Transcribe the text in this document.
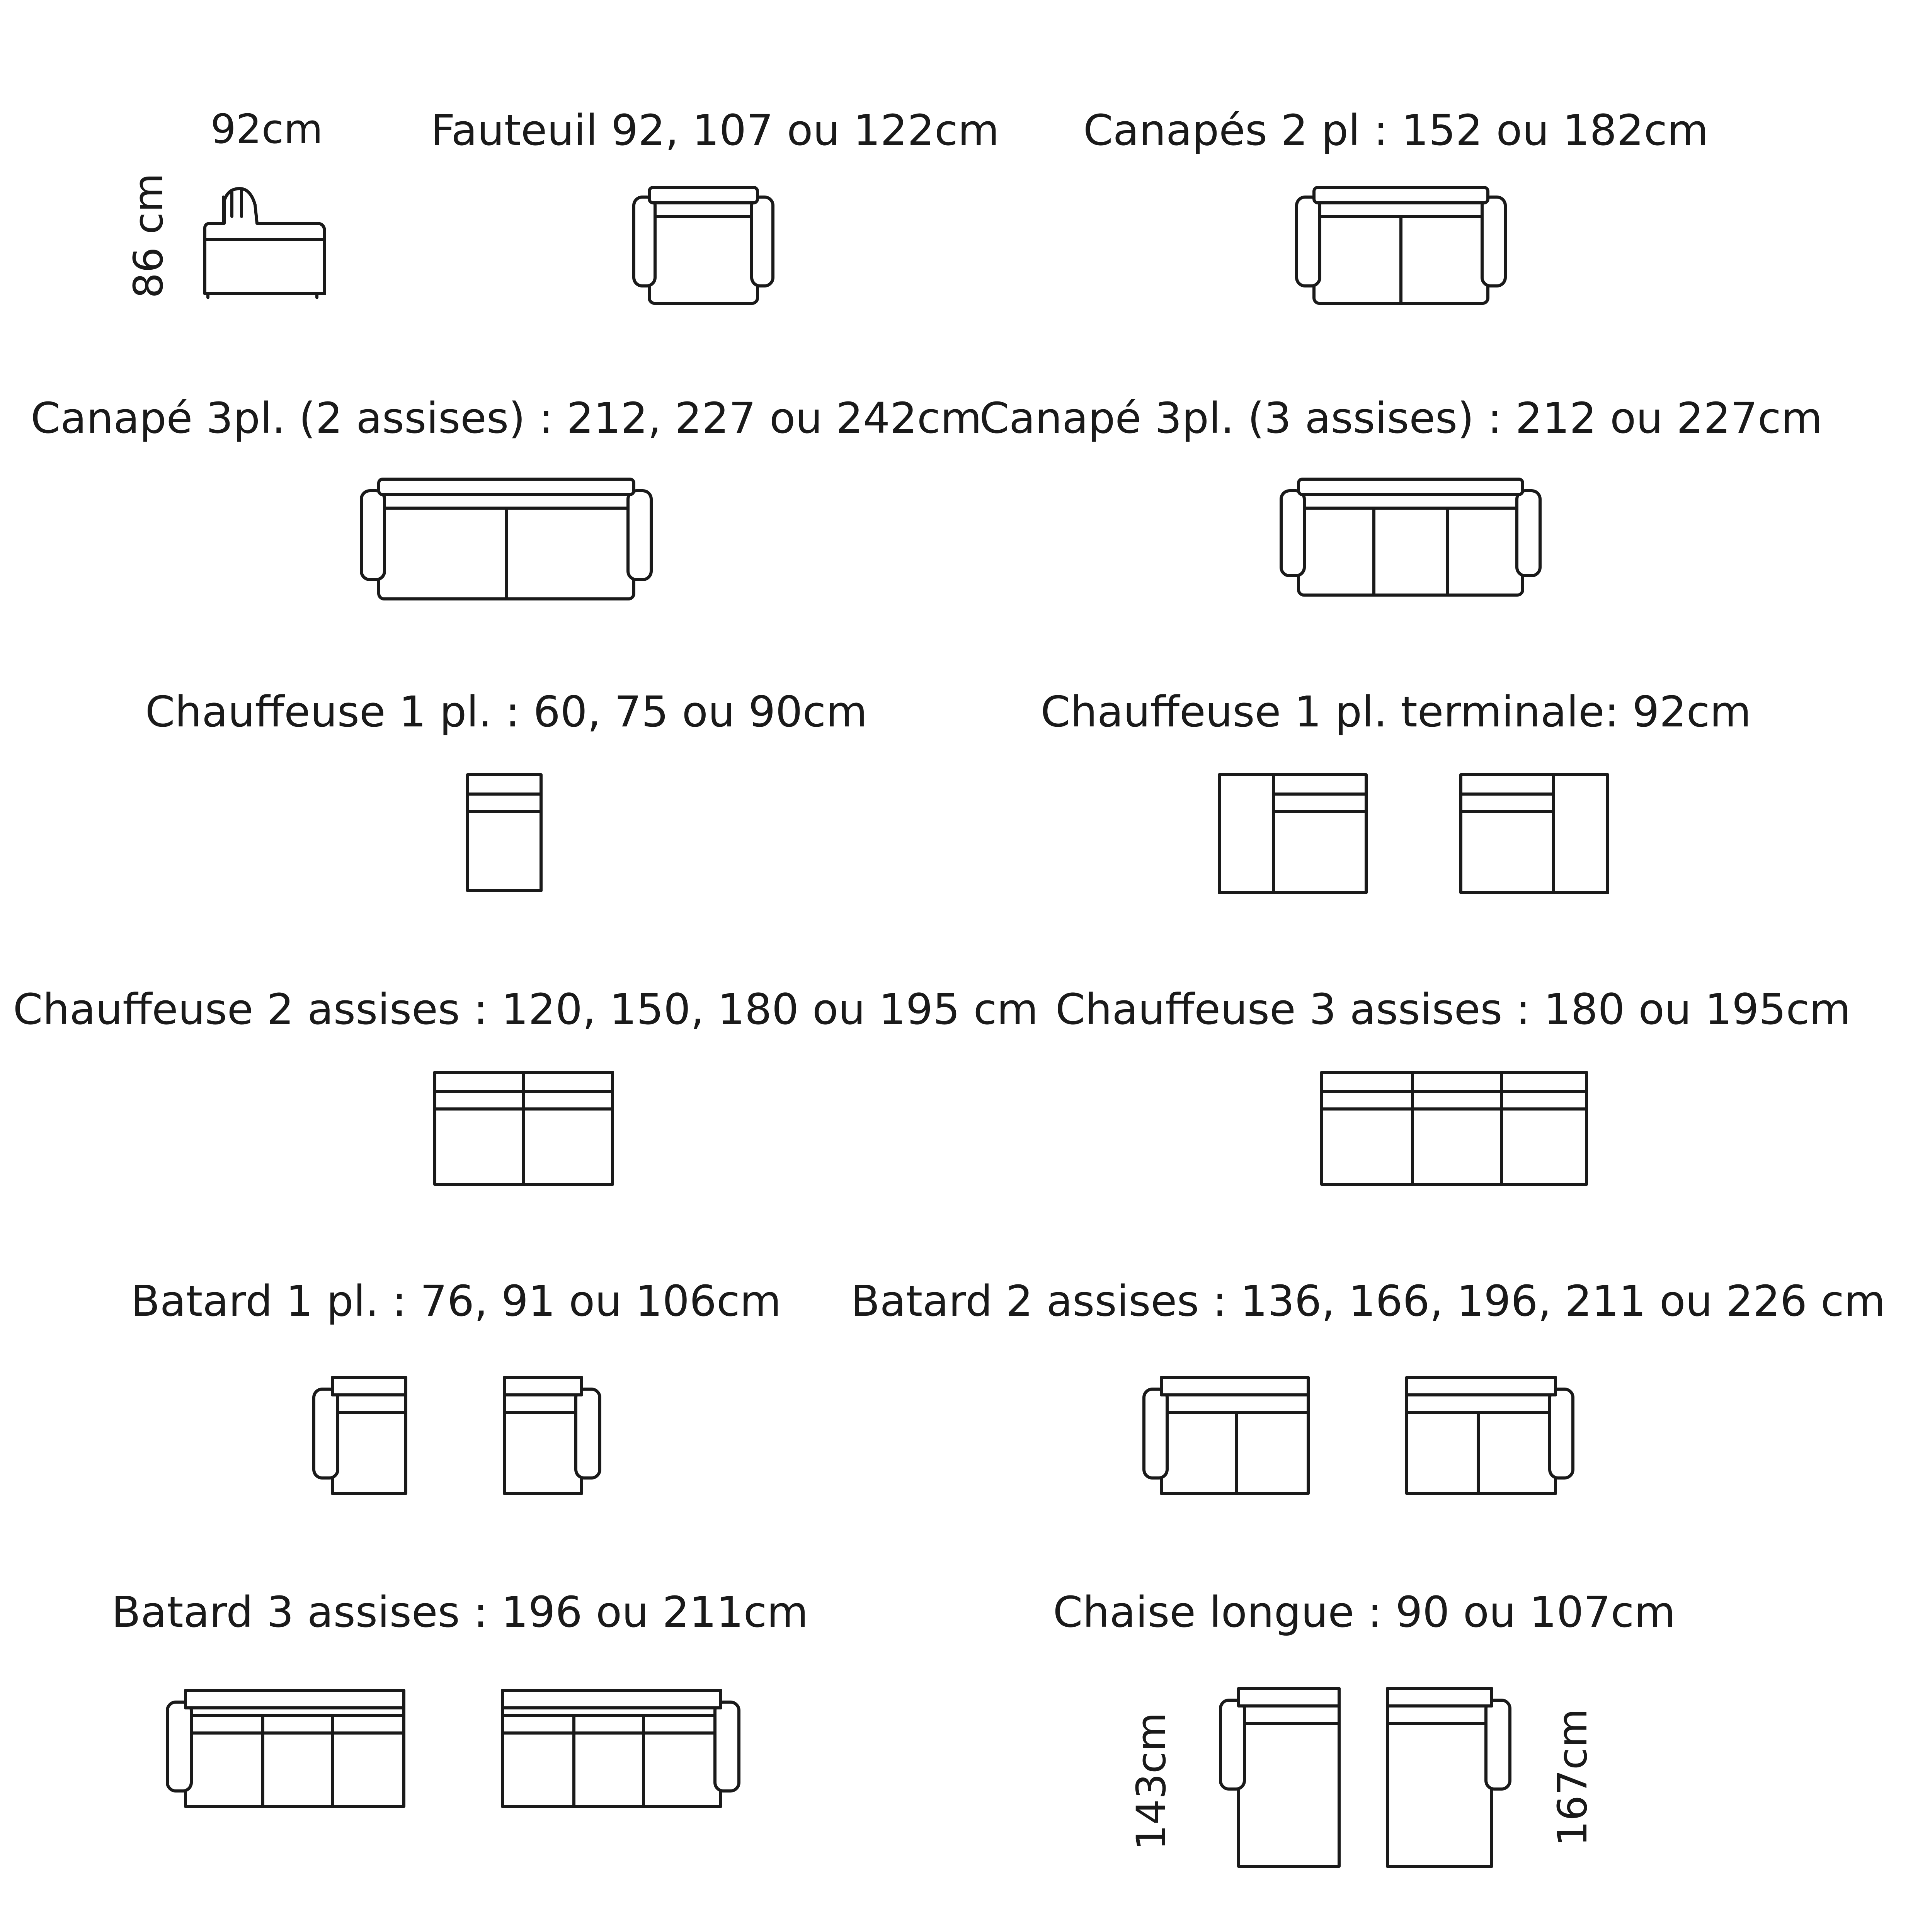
92cm
86 cm
Fauteuil 92, 107 ou 122cm Canapés 2 pl : 152 ou 182cm
Canapé 3pl. (2 assises) : 212, 227 ou 242cm
Canapé 3pl. (3 assises) : 212 ou 227cm
Chauffeuse 1 pl. : 60, 75 ou 90cm	Chauffeuse 1 pl. terminale: 92cm
Chauffeuse 2 assises : 120, 150, 180 ou 195 cm Chauffeuse 3 assises : 180 ou 195cm
Batard 1 pl. : 76, 91 ou 106cm Batard 2 assises : 136, 166, 196, 211 ou 226 cm
Batard 3 assises : 196 ou 211cm	Chaise longue : 90 ou 107cm
143cm	167cm
